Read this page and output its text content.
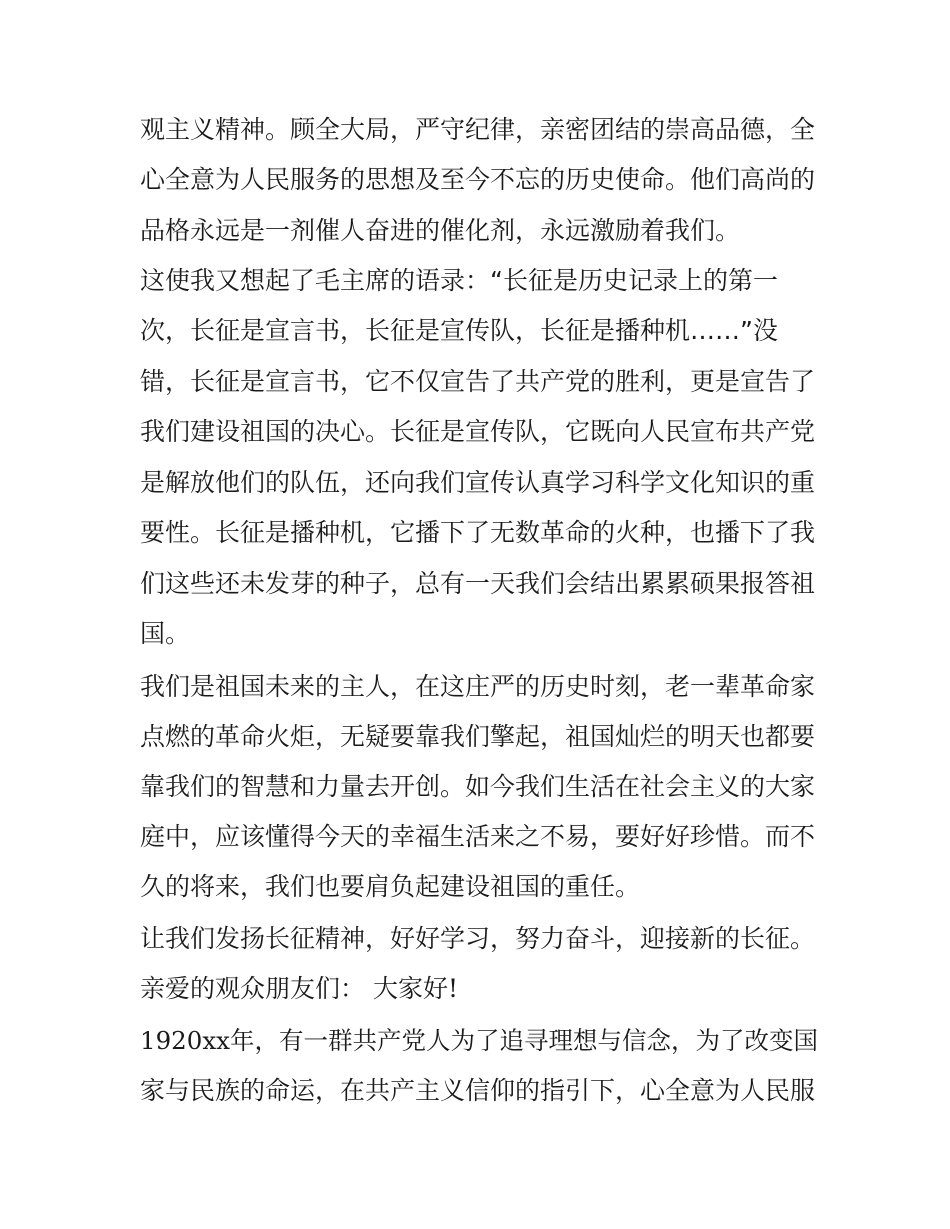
观主义精神。顾全大局，严守纪律，亲密团结的崇高品德，全
心全意为人民服务的思想及至今不忘的历史使命。他们高尚的
品格永远是一剂催人奋进的催化剂，永远激励着我们。
这使我又想起了毛主席的语录：“长征是历史记录上的第一
次，长征是宣言书，长征是宣传队，长征是播种机……”没
错，长征是宣言书，它不仅宣告了共产党的胜利，更是宣告了
我们建设祖国的决心。长征是宣传队，它既向人民宣布共产党
是解放他们的队伍，还向我们宣传认真学习科学文化知识的重
要性。长征是播种机，它播下了无数革命的火种，也播下了我
们这些还未发芽的种子，总有一天我们会结出累累硕果报答祖
国。
我们是祖国未来的主人，在这庄严的历史时刻，老一辈革命家
点燃的革命火炬，无疑要靠我们擎起，祖国灿烂的明天也都要
靠我们的智慧和力量去开创。如今我们生活在社会主义的大家
庭中，应该懂得今天的幸福生活来之不易，要好好珍惜。而不
久的将来，我们也要肩负起建设祖国的重任。
让我们发扬长征精神，好好学习，努力奋斗，迎接新的长征。
亲爱的观众朋友们： 大家好!
1920xx年，有一群共产党人为了追寻理想与信念，为了改变国
家与民族的命运，在共产主义信仰的指引下，心全意为人民服
